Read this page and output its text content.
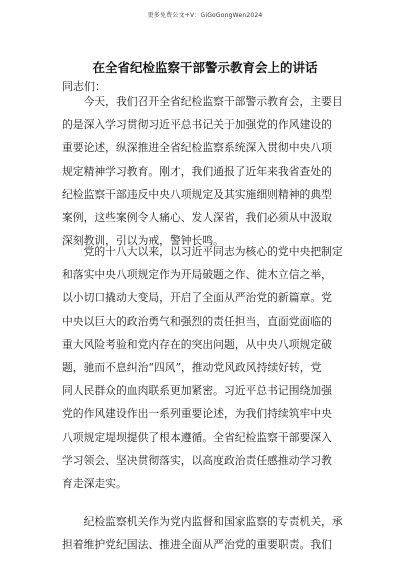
更多免费公文+V：GiGoGongWen2024
在全省纪检监察干部警示教育会上的讲话

同志们：

　　今天，我们召开全省纪检监察干部警示教育会，主要目
的是深入学习贯彻习近平总书记关于加强党的作风建设的
重要论述，纵深推进全省纪检监察系统深入贯彻中央八项
规定精神学习教育。刚才，我们通报了近年来我省查处的
纪检监察干部违反中央八项规定及其实施细则精神的典型
案例，这些案例令人痛心、发人深省，我们必须从中汲取
深刻教训，引以为戒，警钟长鸣。

　　党的十八大以来，以习近平同志为核心的党中央把制定
和落实中央八项规定作为开局破题之作、徙木立信之举，
以小切口撬动大变局，开启了全面从严治党的新篇章。党
中央以巨大的政治勇气和强烈的责任担当，直面党面临的
重大风险考验和党内存在的突出问题，从中央八项规定破
题，驰而不息纠治“四风”，推动党风政风持续好转，党
同人民群众的血肉联系更加紧密。习近平总书记围绕加强
党的作风建设作出一系列重要论述，为我们持续筑牢中央
八项规定堤坝提供了根本遵循。全省纪检监察干部要深入
学习领会、坚决贯彻落实，以高度政治责任感推动学习教
育走深走实。

　　纪检监察机关作为党内监督和国家监察的专责机关，承
担着维护党纪国法、推进全面从严治党的重要职责。我们
